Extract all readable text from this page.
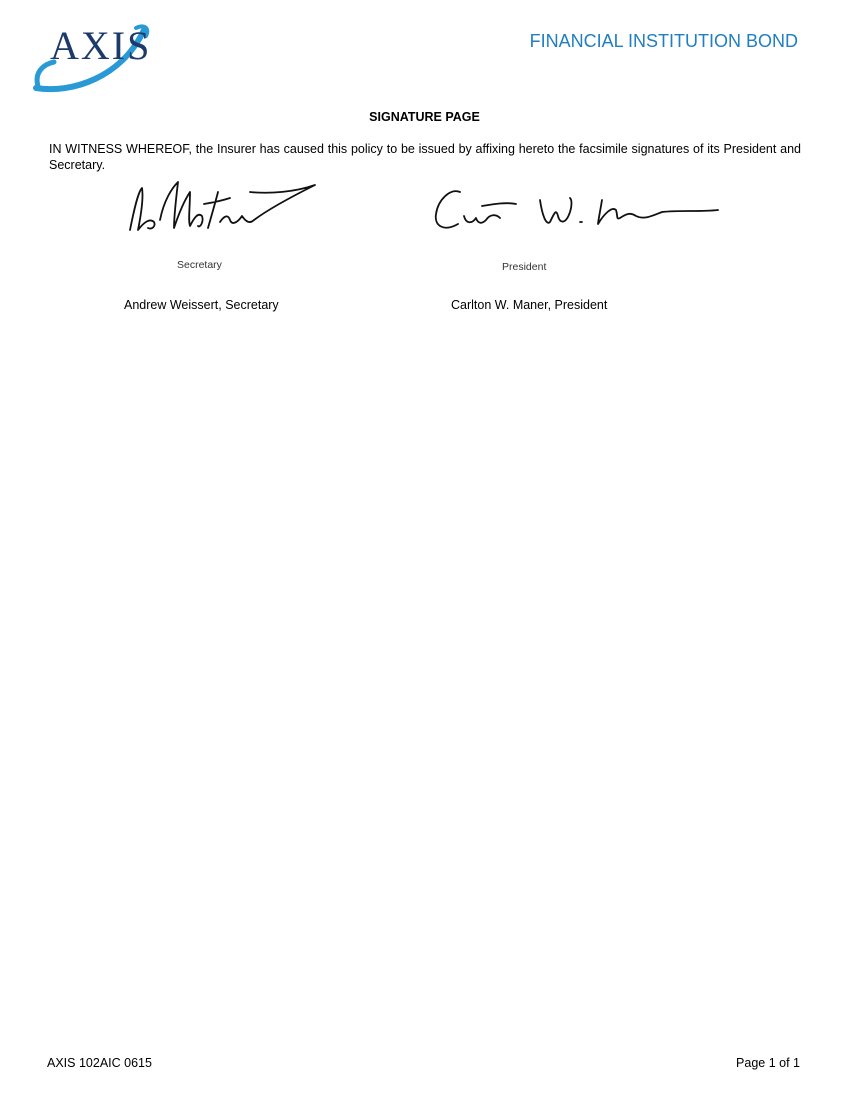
AXIS	FINANCIAL INSTITUTION BOND
SIGNATURE PAGE
IN WITNESS WHEREOF, the Insurer has caused this policy to be issued by affixing hereto the facsimile signatures of its President and Secretary.
Secretary	President
Andrew Weissert, Secretary	Carlton W. Maner, President
AXIS 102AIC 0615	Page 1 of 1
